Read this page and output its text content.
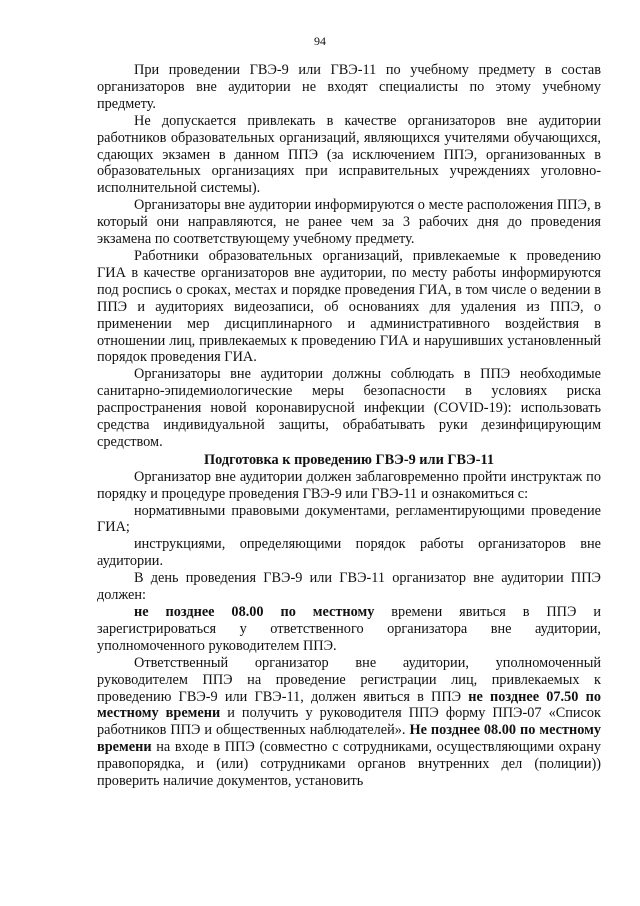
94

При проведении ГВЭ-9 или ГВЭ-11 по учебному предмету в состав организаторов вне аудитории не входят специалисты по этому учебному предмету.

Не допускается привлекать в качестве организаторов вне аудитории работников образовательных организаций, являющихся учителями обучающихся, сдающих экзамен в данном ППЭ (за исключением ППЭ, организованных в образовательных организациях при исправительных учреждениях уголовно-исполнительной системы).

Организаторы вне аудитории информируются о месте расположения ППЭ, в который они направляются, не ранее чем за 3 рабочих дня до проведения экзамена по соответствующему учебному предмету.

Работники образовательных организаций, привлекаемые к проведению ГИА в качестве организаторов вне аудитории, по месту работы информируются под роспись о сроках, местах и порядке проведения ГИА, в том числе о ведении в ППЭ и аудиториях видеозаписи, об основаниях для удаления из ППЭ, о применении мер дисциплинарного и административного воздействия в отношении лиц, привлекаемых к проведению ГИА и нарушивших установленный порядок проведения ГИА.

Организаторы вне аудитории должны соблюдать в ППЭ необходимые санитарно-эпидемиологические меры безопасности в условиях риска распространения новой коронавирусной инфекции (COVID-19): использовать средства индивидуальной защиты, обрабатывать руки дезинфицирующим средством.

Подготовка к проведению ГВЭ-9 или ГВЭ-11

Организатор вне аудитории должен заблаговременно пройти инструктаж по порядку и процедуре проведения ГВЭ-9 или ГВЭ-11 и ознакомиться с:

нормативными правовыми документами, регламентирующими проведение ГИА;

инструкциями, определяющими порядок работы организаторов вне аудитории.

В день проведения ГВЭ-9 или ГВЭ-11 организатор вне аудитории ППЭ должен:

не позднее 08.00 по местному времени явиться в ППЭ и зарегистрироваться у ответственного организатора вне аудитории, уполномоченного руководителем ППЭ.

Ответственный организатор вне аудитории, уполномоченный руководителем ППЭ на проведение регистрации лиц, привлекаемых к проведению ГВЭ-9 или ГВЭ-11, должен явиться в ППЭ не позднее 07.50 по местному времени и получить у руководителя ППЭ форму ППЭ-07 «Список работников ППЭ и общественных наблюдателей». Не позднее 08.00 по местному времени на входе в ППЭ (совместно с сотрудниками, осуществляющими охрану правопорядка, и (или) сотрудниками органов внутренних дел (полиции)) проверить наличие документов, установить
